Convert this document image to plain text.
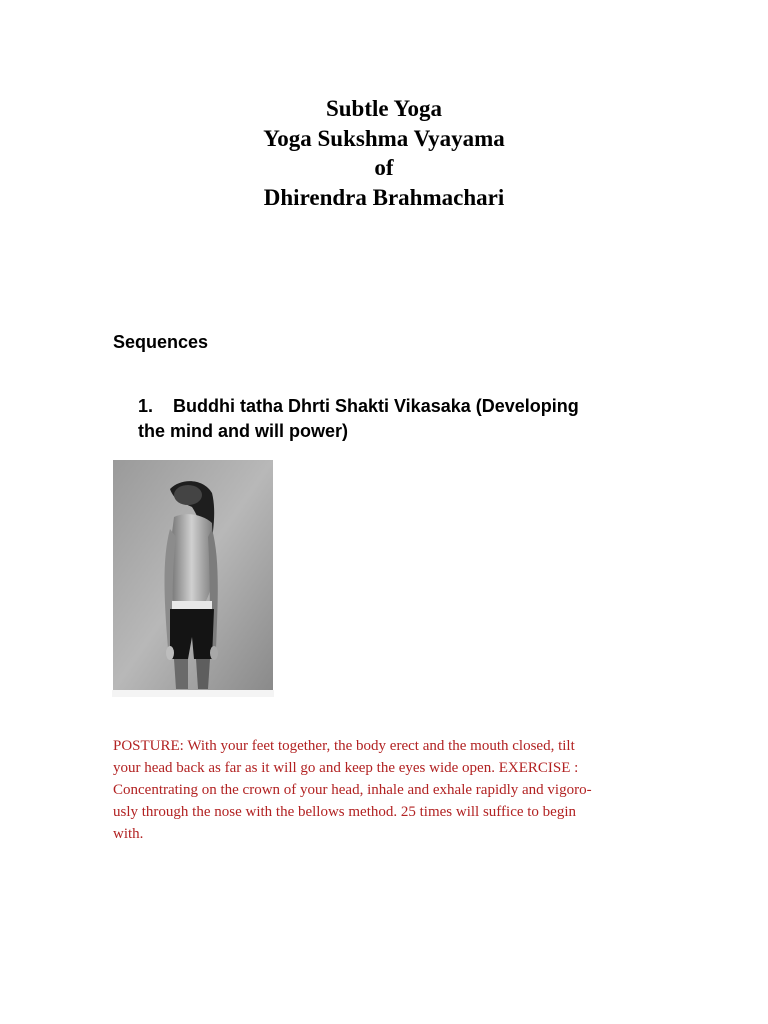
Subtle Yoga
Yoga Sukshma Vyayama
of
Dhirendra Brahmachari
Sequences
1. Buddhi tatha Dhrti Shakti Vikasaka (Developing
the mind and will power)
POSTURE: With your feet together, the body erect and the mouth closed, tilt
your head back as far as it will go and keep the eyes wide open. EXERCISE :
Concentrating on the crown of your head, inhale and exhale rapidly and vigoro-
usly through the nose with the bellows method. 25 times will suffice to begin
with.
